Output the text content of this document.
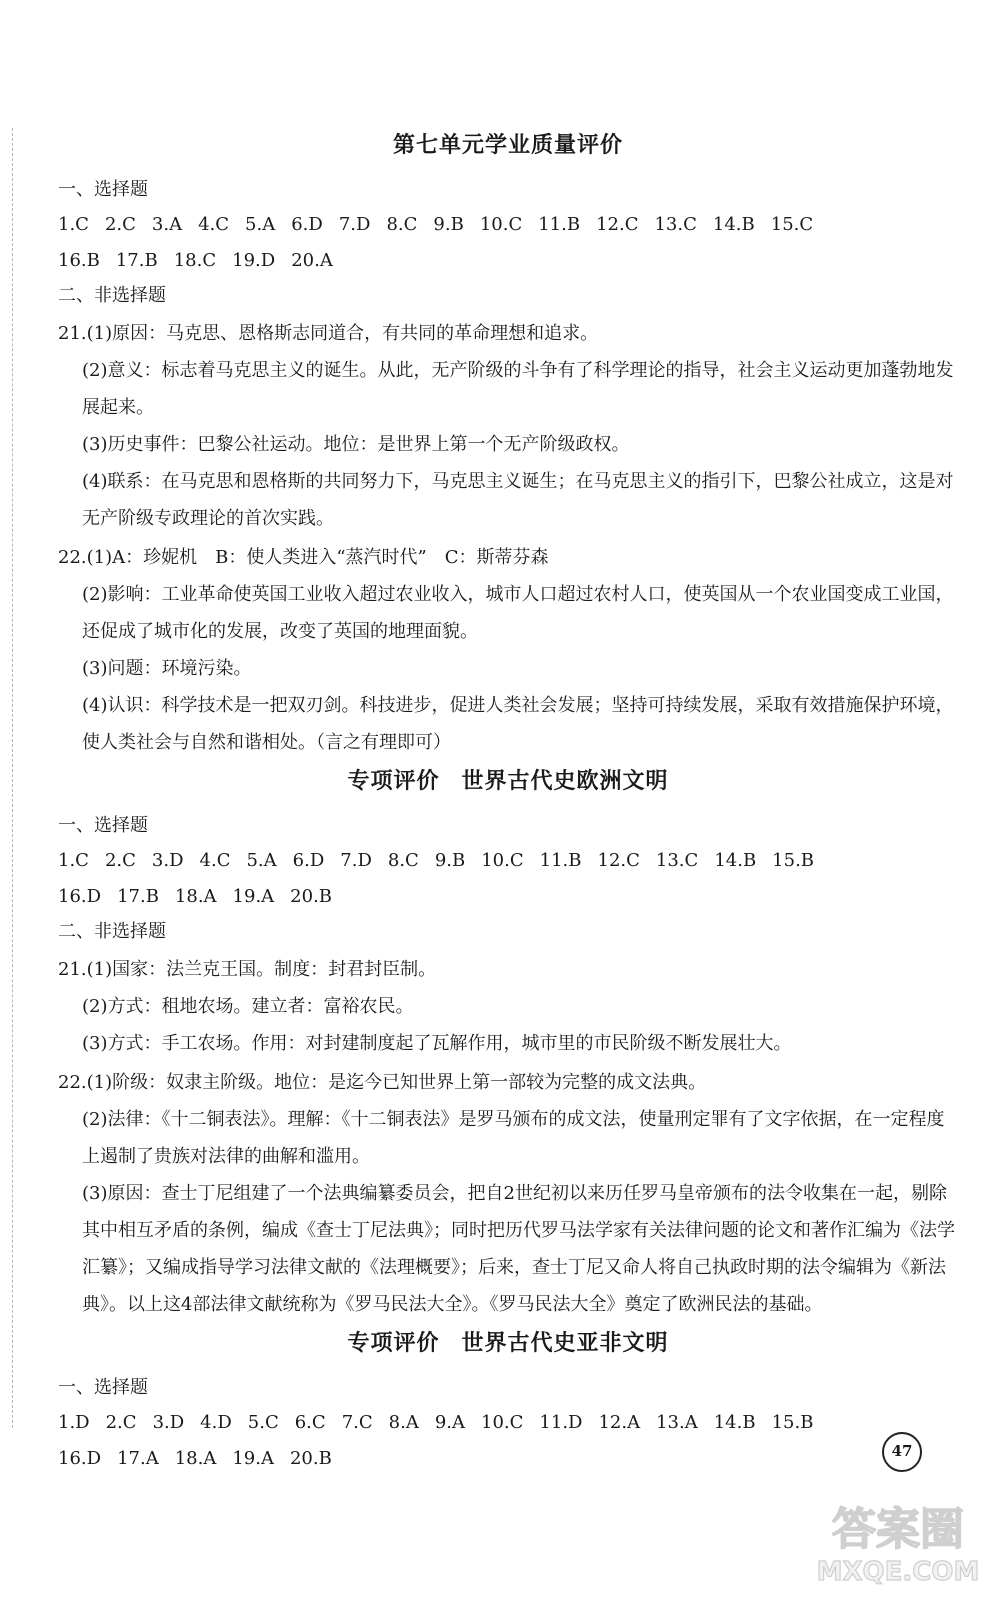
第七单元学业质量评价
一、选择题
1.C 2.C 3.A 4.C 5.A 6.D 7.D 8.C 9.B 10.C 11.B 12.C 13.C 14.B 15.C
16.B 17.B 18.C 19.D 20.A
二、非选择题
21.(1)原因：马克思、恩格斯志同道合，有共同的革命理想和追求。
(2)意义：标志着马克思主义的诞生。从此，无产阶级的斗争有了科学理论的指导，社会主义运动更加蓬勃地发展起来。
(3)历史事件：巴黎公社运动。地位：是世界上第一个无产阶级政权。
(4)联系：在马克思和恩格斯的共同努力下，马克思主义诞生；在马克思主义的指引下，巴黎公社成立，这是对无产阶级专政理论的首次实践。
22.(1)A：珍妮机　B：使人类进入“蒸汽时代”　C：斯蒂芬森
(2)影响：工业革命使英国工业收入超过农业收入，城市人口超过农村人口，使英国从一个农业国变成工业国，还促成了城市化的发展，改变了英国的地理面貌。
(3)问题：环境污染。
(4)认识：科学技术是一把双刃剑。科技进步，促进人类社会发展；坚持可持续发展，采取有效措施保护环境，使人类社会与自然和谐相处。（言之有理即可）
专项评价 世界古代史欧洲文明
一、选择题
1.C 2.C 3.D 4.C 5.A 6.D 7.D 8.C 9.B 10.C 11.B 12.C 13.C 14.B 15.B
16.D 17.B 18.A 19.A 20.B
二、非选择题
21.(1)国家：法兰克王国。制度：封君封臣制。
(2)方式：租地农场。建立者：富裕农民。
(3)方式：手工农场。作用：对封建制度起了瓦解作用，城市里的市民阶级不断发展壮大。
22.(1)阶级：奴隶主阶级。地位：是迄今已知世界上第一部较为完整的成文法典。
(2)法律：《十二铜表法》。理解：《十二铜表法》是罗马颁布的成文法，使量刑定罪有了文字依据，在一定程度上遏制了贵族对法律的曲解和滥用。
(3)原因：查士丁尼组建了一个法典编纂委员会，把自2世纪初以来历任罗马皇帝颁布的法令收集在一起，剔除其中相互矛盾的条例，编成《查士丁尼法典》；同时把历代罗马法学家有关法律问题的论文和著作汇编为《法学汇纂》；又编成指导学习法律文献的《法理概要》；后来，查士丁尼又命人将自己执政时期的法令编辑为《新法典》。以上这4部法律文献统称为《罗马民法大全》。《罗马民法大全》奠定了欧洲民法的基础。
专项评价 世界古代史亚非文明
一、选择题
1.D 2.C 3.D 4.D 5.C 6.C 7.C 8.A 9.A 10.C 11.D 12.A 13.A 14.B 15.B
16.D 17.A 18.A 19.A 20.B	47
答案圈
MXQE.COM
